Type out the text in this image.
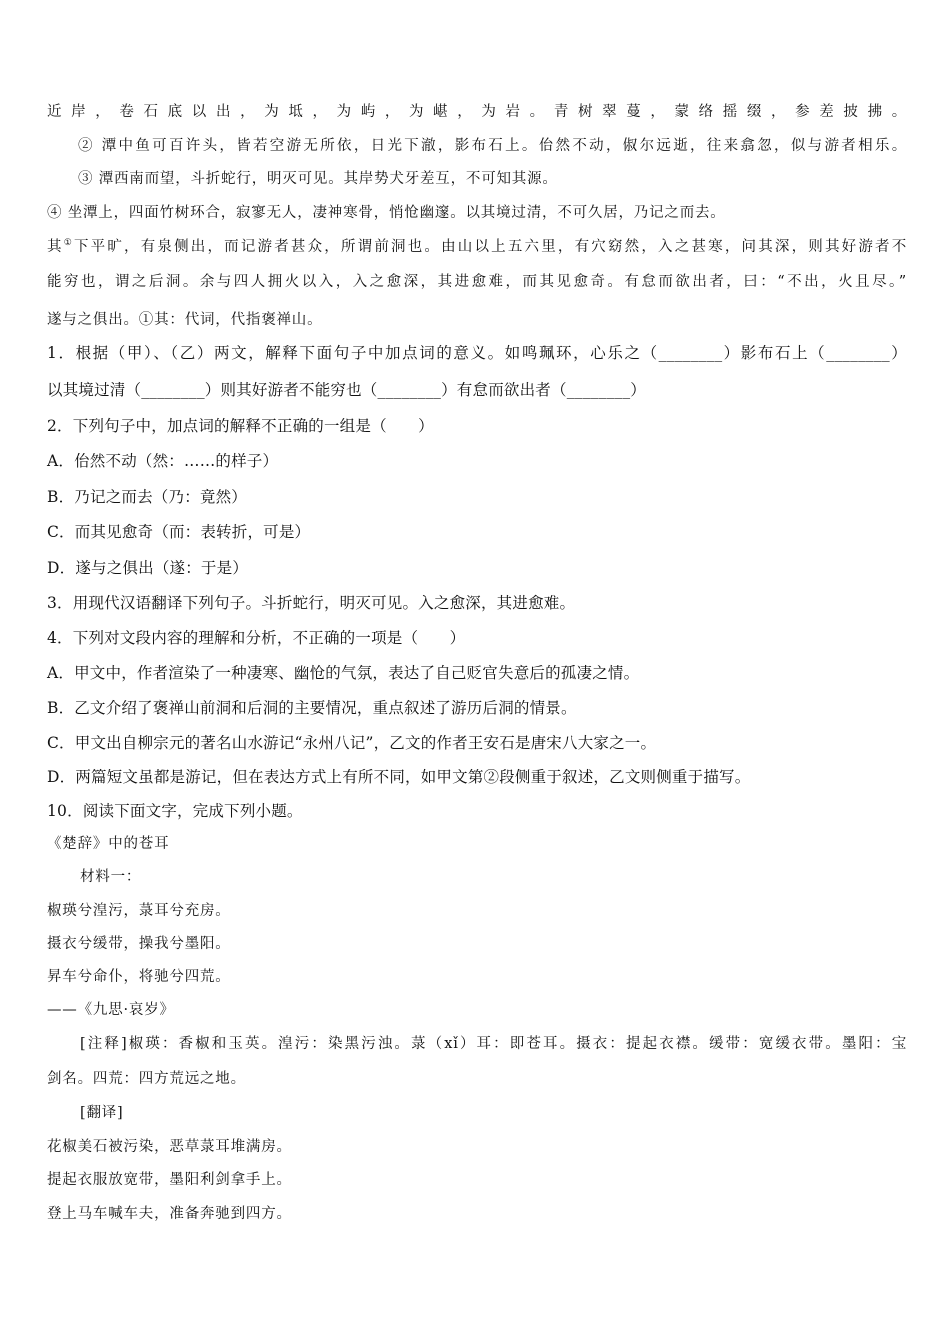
近岸，卷石底以出，为坻，为屿，为嵁，为岩。青树翠蔓，蒙络摇缀，参差披拂。
② 潭中鱼可百许头，皆若空游无所依，日光下澈，影布石上。佁然不动，俶尔远逝，往来翕忽，似与游者相乐。
③ 潭西南而望，斗折蛇行，明灭可见。其岸势犬牙差互，不可知其源。
④ 坐潭上，四面竹树环合，寂寥无人，凄神寒骨，悄怆幽邃。以其境过清，不可久居，乃记之而去。
其①下平旷，有泉侧出，而记游者甚众，所谓前洞也。由山以上五六里，有穴窈然，入之甚寒，问其深，则其好游者不
能穷也，谓之后洞。余与四人拥火以入，入之愈深，其进愈难，而其见愈奇。有怠而欲出者，曰：“不出，火且尽。”
遂与之俱出。①其：代词，代指褒禅山。
1．根据（甲）、（乙）两文，解释下面句子中加点词的意义。如鸣珮环，心乐之（________）影布石上（________）
以其境过清（________）则其好游者不能穷也（________）有怠而欲出者（________）
2．下列句子中，加点词的解释不正确的一组是（　　）
A．佁然不动（然：……的样子）
B．乃记之而去（乃：竟然）
C．而其见愈奇（而：表转折，可是）
D．遂与之俱出（遂：于是）
3．用现代汉语翻译下列句子。斗折蛇行，明灭可见。入之愈深，其进愈难。
4．下列对文段内容的理解和分析，不正确的一项是（　　）
A．甲文中，作者渲染了一种凄寒、幽怆的气氛，表达了自己贬官失意后的孤凄之情。
B．乙文介绍了褒禅山前洞和后洞的主要情况，重点叙述了游历后洞的情景。
C．甲文出自柳宗元的著名山水游记“永州八记”，乙文的作者王安石是唐宋八大家之一。
D．两篇短文虽都是游记，但在表达方式上有所不同，如甲文第②段侧重于叙述，乙文则侧重于描写。
10．阅读下面文字，完成下列小题。
《楚辞》中的苍耳
材料一：
椒瑛兮湟污，菉耳兮充房。
摄衣兮缓带，操我兮墨阳。
昇车兮命仆，将驰兮四荒。
——《九思·哀岁》
[注释]椒瑛：香椒和玉英。湟污：染黑污浊。菉（xǐ）耳：即苍耳。摄衣：提起衣襟。缓带：宽缓衣带。墨阳：宝
剑名。四荒：四方荒远之地。
[翻译]
花椒美石被污染，恶草菉耳堆满房。
提起衣服放宽带，墨阳利剑拿手上。
登上马车喊车夫，准备奔驰到四方。
